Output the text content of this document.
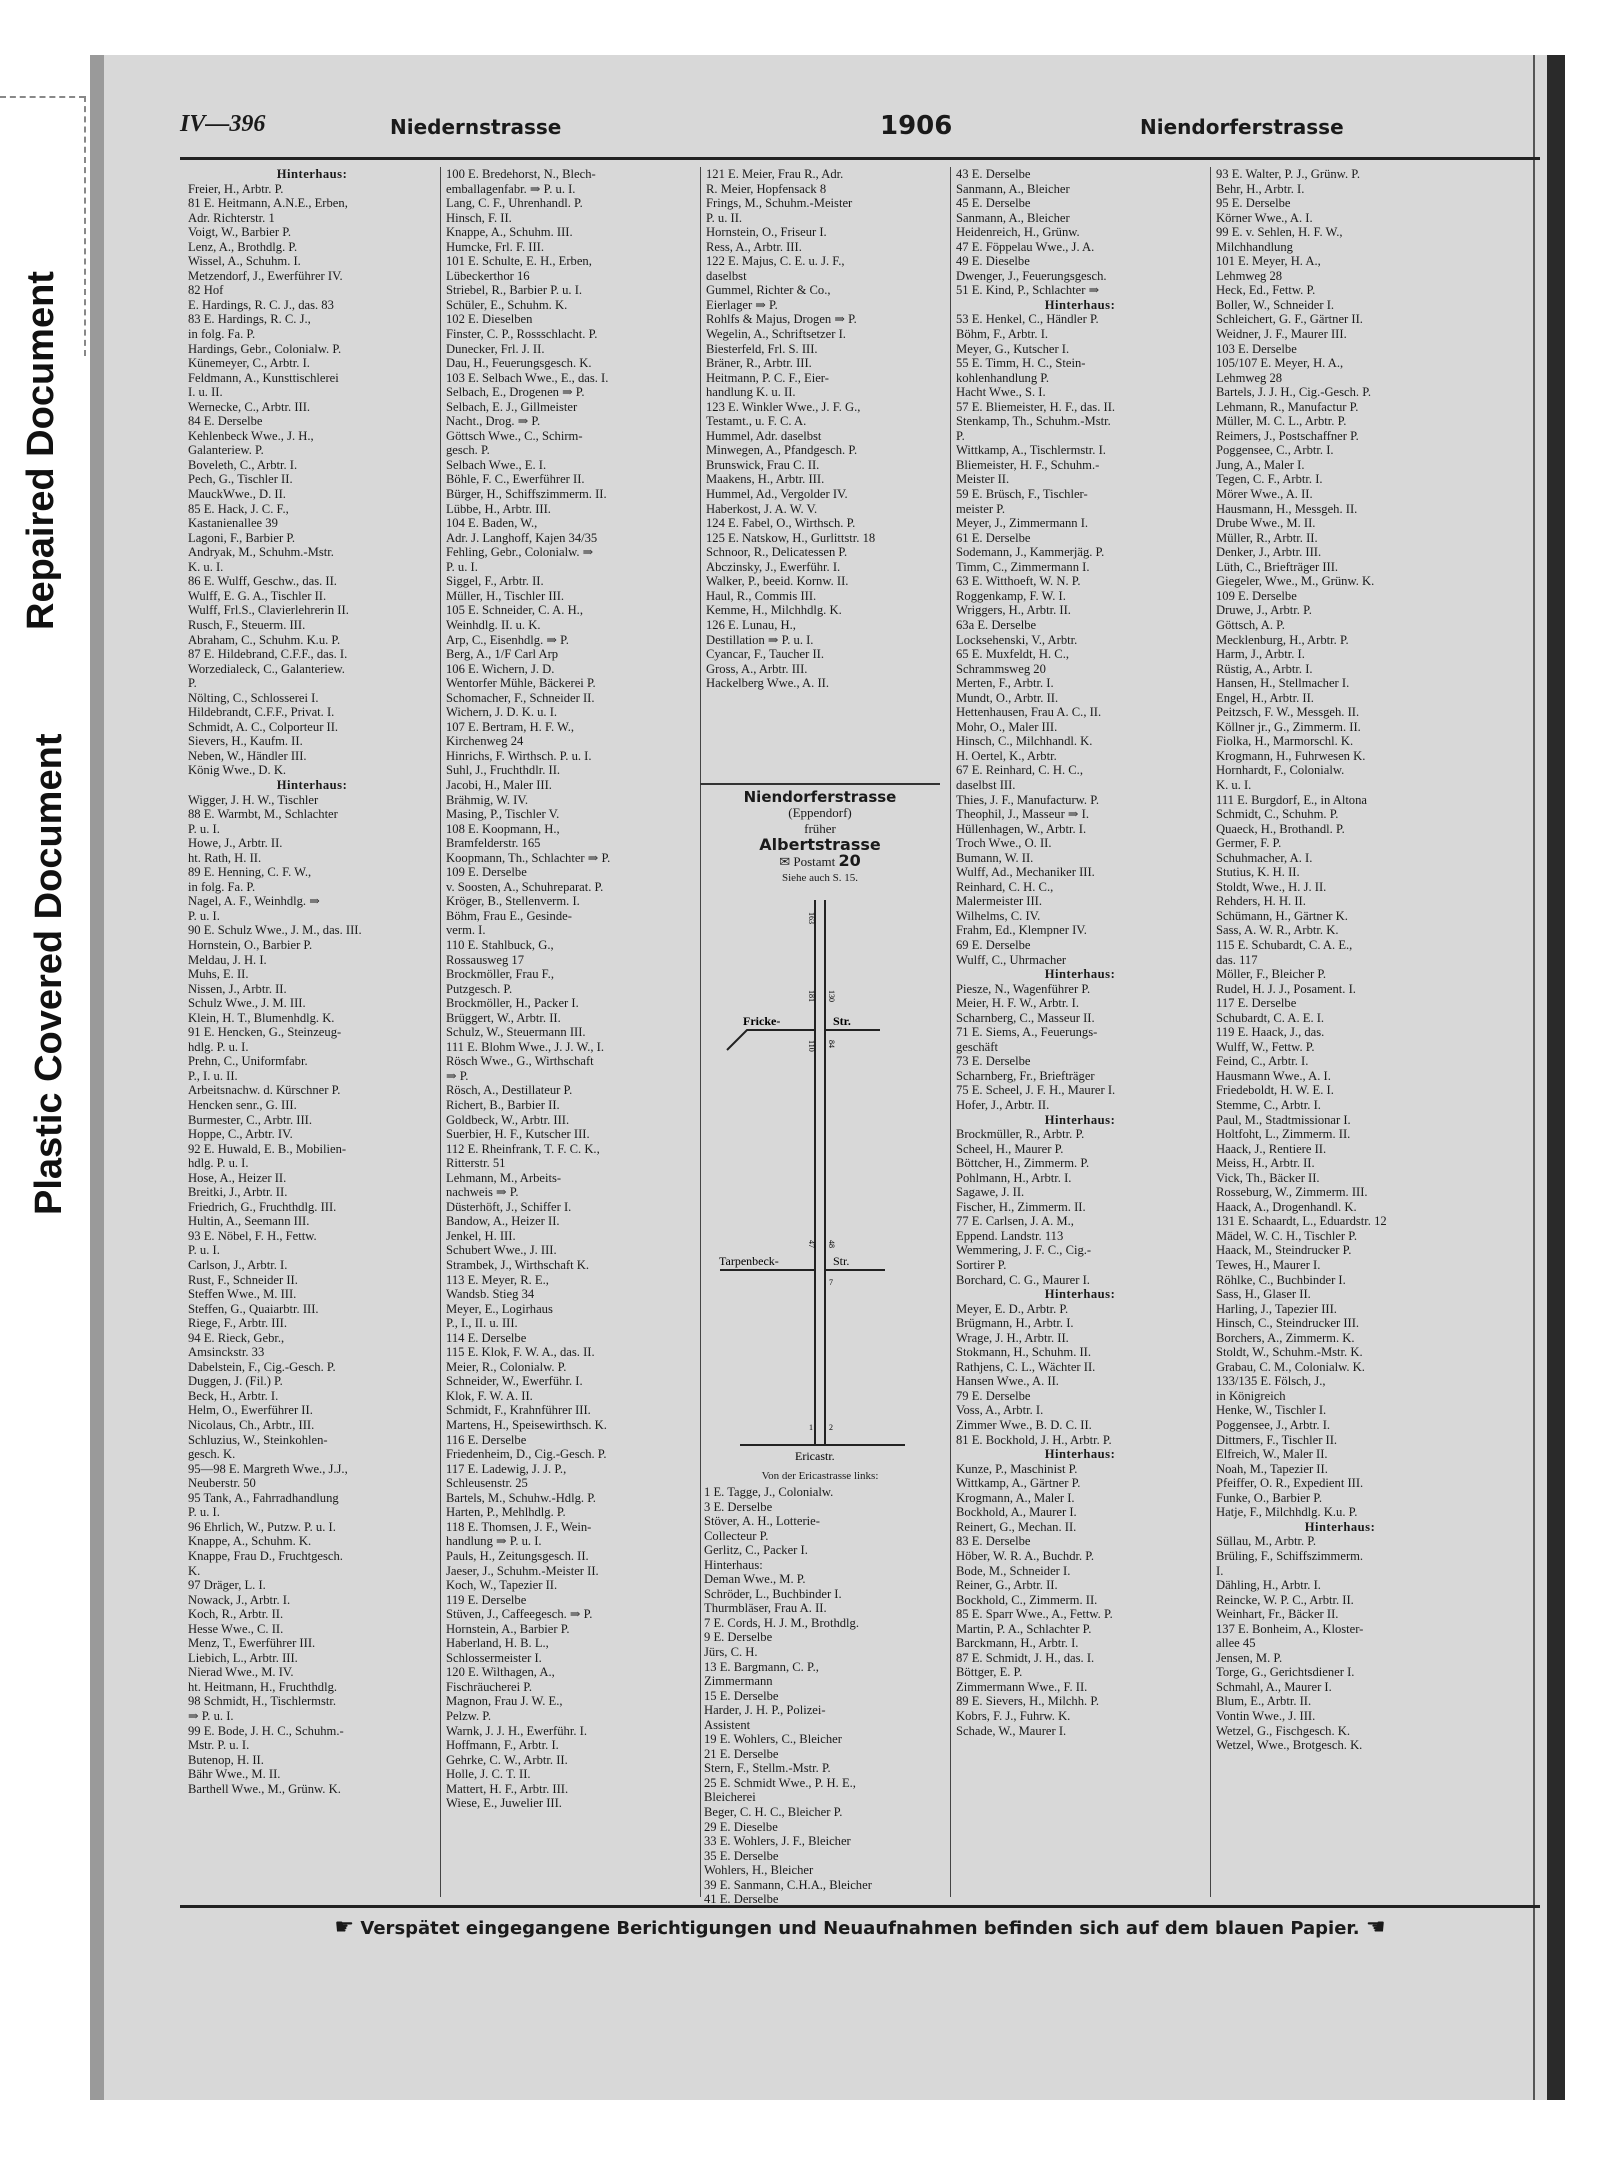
Repaired Document
Plastic Covered Document
IV—396	Niedernstrasse	1906	Niendorferstrasse
Hinterhaus:
Freier, H., Arbtr. P.
81 E. Heitmann, A.N.E., Erben,
Adr. Richterstr. 1
Voigt, W., Barbier P.
Lenz, A., Brothdlg. P.
Wissel, A., Schuhm. I.
Metzendorf, J., Ewerführer IV.
82 Hof
E. Hardings, R. C. J., das. 83
83 E. Hardings, R. C. J.,
in folg. Fa. P.
Hardings, Gebr., Colonialw. P.
Künemeyer, C., Arbtr. I.
Feldmann, A., Kunsttischlerei
I. u. II.
Wernecke, C., Arbtr. III.
84 E. Derselbe
Kehlenbeck Wwe., J. H.,
Galanteriew. P.
Boveleth, C., Arbtr. I.
Pech, G., Tischler II.
MauckWwe., D. II.
85 E. Hack, J. C. F.,
Kastanienallee 39
Lagoni, F., Barbier P.
Andryak, M., Schuhm.-Mstr.
K. u. I.
86 E. Wulff, Geschw., das. II.
Wulff, E. G. A., Tischler II.
Wulff, Frl.S., Clavierlehrerin II.
Rusch, F., Steuerm. III.
Abraham, C., Schuhm. K.u. P.
87 E. Hildebrand, C.F.F., das. I.
Worzedialeck, C., Galanteriew.
P.
Nölting, C., Schlosserei I.
Hildebrandt, C.F.F., Privat. I.
Schmidt, A. C., Colporteur II.
Sievers, H., Kaufm. II.
Neben, W., Händler III.
König Wwe., D. K.
Hinterhaus:
Wigger, J. H. W., Tischler
88 E. Warmbt, M., Schlachter
P. u. I.
Howe, J., Arbtr. II.
ht. Rath, H. II.
89 E. Henning, C. F. W.,
in folg. Fa. P.
Nagel, A. F., Weinhdlg. ⇒
P. u. I.
90 E. Schulz Wwe., J. M., das. III.
Hornstein, O., Barbier P.
Meldau, J. H. I.
Muhs, E. II.
Nissen, J., Arbtr. II.
Schulz Wwe., J. M. III.
Klein, H. T., Blumenhdlg. K.
91 E. Hencken, G., Steinzeug-
hdlg. P. u. I.
Prehn, C., Uniformfabr.
P., I. u. II.
Arbeitsnachw. d. Kürschner P.
Hencken senr., G. III.
Burmester, C., Arbtr. III.
Hoppe, C., Arbtr. IV.
92 E. Huwald, E. B., Mobilien-
hdlg. P. u. I.
Hose, A., Heizer II.
Breitki, J., Arbtr. II.
Friedrich, G., Fruchthdlg. III.
Hultin, A., Seemann III.
93 E. Nöbel, F. H., Fettw.
P. u. I.
Carlson, J., Arbtr. I.
Rust, F., Schneider II.
Steffen Wwe., M. III.
Steffen, G., Quaiarbtr. III.
Riege, F., Arbtr. III.
94 E. Rieck, Gebr.,
Amsinckstr. 33
Dabelstein, F., Cig.-Gesch. P.
Duggen, J. (Fil.) P.
Beck, H., Arbtr. I.
Helm, O., Ewerführer II.
Nicolaus, Ch., Arbtr., III.
Schluzius, W., Steinkohlen-
gesch. K.
95—98 E. Margreth Wwe., J.J.,
Neuberstr. 50
95 Tank, A., Fahrradhandlung
P. u. I.
96 Ehrlich, W., Putzw. P. u. I.
Knappe, A., Schuhm. K.
Knappe, Frau D., Fruchtgesch.
K.
97 Dräger, L. I.
Nowack, J., Arbtr. I.
Koch, R., Arbtr. II.
Hesse Wwe., C. II.
Menz, T., Ewerführer III.
Liebich, L., Arbtr. III.
Nierad Wwe., M. IV.
ht. Heitmann, H., Fruchthdlg.
98 Schmidt, H., Tischlermstr.
⇒ P. u. I.
99 E. Bode, J. H. C., Schuhm.-
Mstr. P. u. I.
Butenop, H. II.
Bähr Wwe., M. II.
Barthell Wwe., M., Grünw. K.
100 E. Bredehorst, N., Blech-
emballagenfabr. ⇒ P. u. I.
Lang, C. F., Uhrenhandl. P.
Hinsch, F. II.
Knappe, A., Schuhm. III.
Humcke, Frl. F. III.
101 E. Schulte, E. H., Erben,
Lübeckerthor 16
Striebel, R., Barbier P. u. I.
Schüler, E., Schuhm. K.
102 E. Dieselben
Finster, C. P., Rossschlacht. P.
Dunecker, Frl. J. II.
Dau, H., Feuerungsgesch. K.
103 E. Selbach Wwe., E., das. I.
Selbach, E., Drogenen ⇒ P.
Selbach, E. J., Gillmeister
Nacht., Drog. ⇒ P.
Göttsch Wwe., C., Schirm-
gesch. P.
Selbach Wwe., E. I.
Böhle, F. C., Ewerführer II.
Bürger, H., Schiffszimmerm. II.
Lübbe, H., Arbtr. III.
104 E. Baden, W.,
Adr. J. Langhoff, Kajen 34/35
Fehling, Gebr., Colonialw. ⇒
P. u. I.
Siggel, F., Arbtr. II.
Müller, H., Tischler III.
105 E. Schneider, C. A. H.,
Weinhdlg. II. u. K.
Arp, C., Eisenhdlg. ⇒ P.
Berg, A., 1/F Carl Arp
106 E. Wichern, J. D.
Wentorfer Mühle, Bäckerei P.
Schomacher, F., Schneider II.
Wichern, J. D. K. u. I.
107 E. Bertram, H. F. W.,
Kirchenweg 24
Hinrichs, F. Wirthsch. P. u. I.
Suhl, J., Fruchthdlr. II.
Jacobi, H., Maler III.
Brähmig, W. IV.
Masing, P., Tischler V.
108 E. Koopmann, H.,
Bramfelderstr. 165
Koopmann, Th., Schlachter ⇒ P.
109 E. Derselbe
v. Soosten, A., Schuhreparat. P.
Kröger, B., Stellenverm. I.
Böhm, Frau E., Gesinde-
verm. I.
110 E. Stahlbuck, G.,
Rossausweg 17
Brockmöller, Frau F.,
Putzgesch. P.
Brockmöller, H., Packer I.
Brüggert, W., Arbtr. II.
Schulz, W., Steuermann III.
111 E. Blohm Wwe., J. J. W., I.
Rösch Wwe., G., Wirthschaft
⇒ P.
Rösch, A., Destillateur P.
Richert, B., Barbier II.
Goldbeck, W., Arbtr. III.
Suerbier, H. F., Kutscher III.
112 E. Rheinfrank, T. F. C. K.,
Ritterstr. 51
Lehmann, M., Arbeits-
nachweis ⇒ P.
Düsterhöft, J., Schiffer I.
Bandow, A., Heizer II.
Jenkel, H. III.
Schubert Wwe., J. III.
Strambek, J., Wirthschaft K.
113 E. Meyer, R. E.,
Wandsb. Stieg 34
Meyer, E., Logirhaus
P., I., II. u. III.
114 E. Derselbe
115 E. Klok, F. W. A., das. II.
Meier, R., Colonialw. P.
Schneider, W., Ewerführ. I.
Klok, F. W. A. II.
Schmidt, F., Krahnführer III.
Martens, H., Speisewirthsch. K.
116 E. Derselbe
Friedenheim, D., Cig.-Gesch. P.
117 E. Ladewig, J. J. P.,
Schleusenstr. 25
Bartels, M., Schuhw.-Hdlg. P.
Harten, P., Mehlhdlg. P.
118 E. Thomsen, J. F., Wein-
handlung ⇒ P. u. I.
Pauls, H., Zeitungsgesch. II.
Jaeser, J., Schuhm.-Meister II.
Koch, W., Tapezier II.
119 E. Derselbe
Stüven, J., Caffeegesch. ⇒ P.
Hornstein, A., Barbier P.
Haberland, H. B. L.,
Schlossermeister I.
120 E. Wilthagen, A.,
Fischräucherei P.
Magnon, Frau J. W. E.,
Pelzw. P.
Warnk, J. J. H., Ewerführ. I.
Hoffmann, F., Arbtr. I.
Gehrke, C. W., Arbtr. II.
Holle, J. C. T. II.
Mattert, H. F., Arbtr. III.
Wiese, E., Juwelier III.
121 E. Meier, Frau R., Adr.
R. Meier, Hopfensack 8
Frings, M., Schuhm.-Meister
P. u. II.
Hornstein, O., Friseur I.
Ress, A., Arbtr. III.
122 E. Majus, C. E. u. J. F.,
daselbst
Gummel, Richter & Co.,
Eierlager ⇒ P.
Rohlfs & Majus, Drogen ⇒ P.
Wegelin, A., Schriftsetzer I.
Biesterfeld, Frl. S. III.
Bräner, R., Arbtr. III.
Heitmann, P. C. F., Eier-
handlung K. u. II.
123 E. Winkler Wwe., J. F. G.,
Testamt., u. F. C. A.
Hummel, Adr. daselbst
Minwegen, A., Pfandgesch. P.
Brunswick, Frau C. II.
Maakens, H., Arbtr. III.
Hummel, Ad., Vergolder IV.
Haberkost, J. A. W. V.
124 E. Fabel, O., Wirthsch. P.
125 E. Natskow, H., Gurlittstr. 18
Schnoor, R., Delicatessen P.
Abczinsky, J., Ewerführ. I.
Walker, P., beeid. Kornw. II.
Haul, R., Commis III.
Kemme, H., Milchhdlg. K.
126 E. Lunau, H.,
Destillation ⇒ P. u. I.
Cyancar, F., Taucher II.
Gross, A., Arbtr. III.
Hackelberg Wwe., A. II.
Niendorferstrasse
(Eppendorf)
früher
Albertstrasse
✉ Postamt 20
Siehe auch S. 15.
Fricke-	Str.
Tarpenbeck-	Str.
Ericastr.
163
181
110
130
84
47 48
1 2
7
Von der Ericastrasse links:
1 E. Tagge, J., Colonialw.
3 E. Derselbe
Stöver, A. H., Lotterie-
Collecteur P.
Gerlitz, C., Packer I.
Hinterhaus:
Deman Wwe., M. P.
Schröder, L., Buchbinder I.
Thurmbläser, Frau A. II.
7 E. Cords, H. J. M., Brothdlg.
9 E. Derselbe
Jürs, C. H.
13 E. Bargmann, C. P.,
Zimmermann
15 E. Derselbe
Harder, J. H. P., Polizei-
Assistent
19 E. Wohlers, C., Bleicher
21 E. Derselbe
Stern, F., Stellm.-Mstr. P.
25 E. Schmidt Wwe., P. H. E.,
Bleicherei
Beger, C. H. C., Bleicher P.
29 E. Dieselbe
33 E. Wohlers, J. F., Bleicher
35 E. Derselbe
Wohlers, H., Bleicher
39 E. Sanmann, C.H.A., Bleicher
41 E. Derselbe
43 E. Derselbe
Sanmann, A., Bleicher
45 E. Derselbe
Sanmann, A., Bleicher
Heidenreich, H., Grünw.
47 E. Föppelau Wwe., J. A.
49 E. Dieselbe
Dwenger, J., Feuerungsgesch.
51 E. Kind, P., Schlachter ⇒
Hinterhaus:
53 E. Henkel, C., Händler P.
Böhm, F., Arbtr. I.
Meyer, G., Kutscher I.
55 E. Timm, H. C., Stein-
kohlenhandlung P.
Hacht Wwe., S. I.
57 E. Bliemeister, H. F., das. II.
Stenkamp, Th., Schuhm.-Mstr.
P.
Wittkamp, A., Tischlermstr. I.
Bliemeister, H. F., Schuhm.-
Meister II.
59 E. Brüsch, F., Tischler-
meister P.
Meyer, J., Zimmermann I.
61 E. Derselbe
Sodemann, J., Kammerjäg. P.
Timm, C., Zimmermann I.
63 E. Witthoeft, W. N. P.
Roggenkamp, F. W. I.
Wriggers, H., Arbtr. II.
63a E. Derselbe
Locksehenski, V., Arbtr.
65 E. Muxfeldt, H. C.,
Schrammsweg 20
Merten, F., Arbtr. I.
Mundt, O., Arbtr. II.
Hettenhausen, Frau A. C., II.
Mohr, O., Maler III.
Hinsch, C., Milchhandl. K.
H. Oertel, K., Arbtr.
67 E. Reinhard, C. H. C.,
daselbst III.
Thies, J. F., Manufacturw. P.
Theophil, J., Masseur ⇒ I.
Hüllenhagen, W., Arbtr. I.
Troch Wwe., O. II.
Bumann, W. II.
Wulff, Ad., Mechaniker III.
Reinhard, C. H. C.,
Malermeister III.
Wilhelms, C. IV.
Frahm, Ed., Klempner IV.
69 E. Derselbe
Wulff, C., Uhrmacher
Hinterhaus:
Piesze, N., Wagenführer P.
Meier, H. F. W., Arbtr. I.
Scharnberg, C., Masseur II.
71 E. Siems, A., Feuerungs-
geschäft
73 E. Derselbe
Scharnberg, Fr., Briefträger
75 E. Scheel, J. F. H., Maurer I.
Hofer, J., Arbtr. II.
Hinterhaus:
Brockmüller, R., Arbtr. P.
Scheel, H., Maurer P.
Böttcher, H., Zimmerm. P.
Pohlmann, H., Arbtr. I.
Sagawe, J. II.
Fischer, H., Zimmerm. II.
77 E. Carlsen, J. A. M.,
Eppend. Landstr. 113
Wemmering, J. F. C., Cig.-
Sortirer P.
Borchard, C. G., Maurer I.
Hinterhaus:
Meyer, E. D., Arbtr. P.
Brügmann, H., Arbtr. I.
Wrage, J. H., Arbtr. II.
Stokmann, H., Schuhm. II.
Rathjens, C. L., Wächter II.
Hansen Wwe., A. II.
79 E. Derselbe
Voss, A., Arbtr. I.
Zimmer Wwe., B. D. C. II.
81 E. Bockhold, J. H., Arbtr. P.
Hinterhaus:
Kunze, P., Maschinist P.
Wittkamp, A., Gärtner P.
Krogmann, A., Maler I.
Bockhold, A., Maurer I.
Reinert, G., Mechan. II.
83 E. Derselbe
Höber, W. R. A., Buchdr. P.
Bode, M., Schneider I.
Reiner, G., Arbtr. II.
Bockhold, C., Zimmerm. II.
85 E. Sparr Wwe., A., Fettw. P.
Martin, P. A., Schlachter P.
Barckmann, H., Arbtr. I.
87 E. Schmidt, J. H., das. I.
Böttger, E. P.
Zimmermann Wwe., F. II.
89 E. Sievers, H., Milchh. P.
Kobrs, F. J., Fuhrw. K.
Schade, W., Maurer I.
93 E. Walter, P. J., Grünw. P.
Behr, H., Arbtr. I.
95 E. Derselbe
Körner Wwe., A. I.
99 E. v. Sehlen, H. F. W.,
Milchhandlung
101 E. Meyer, H. A.,
Lehmweg 28
Heck, Ed., Fettw. P.
Boller, W., Schneider I.
Schleichert, G. F., Gärtner II.
Weidner, J. F., Maurer III.
103 E. Derselbe
105/107 E. Meyer, H. A.,
Lehmweg 28
Bartels, J. J. H., Cig.-Gesch. P.
Lehmann, R., Manufactur P.
Müller, M. C. L., Arbtr. P.
Reimers, J., Postschaffner P.
Poggensee, C., Arbtr. I.
Jung, A., Maler I.
Tegen, C. F., Arbtr. I.
Mörer Wwe., A. II.
Hausmann, H., Messgeh. II.
Drube Wwe., M. II.
Müller, R., Arbtr. II.
Denker, J., Arbtr. III.
Lüth, C., Briefträger III.
Giegeler, Wwe., M., Grünw. K.
109 E. Derselbe
Druwe, J., Arbtr. P.
Göttsch, A. P.
Mecklenburg, H., Arbtr. P.
Harm, J., Arbtr. I.
Rüstig, A., Arbtr. I.
Hansen, H., Stellmacher I.
Engel, H., Arbtr. II.
Peitzsch, F. W., Messgeh. II.
Köllner jr., G., Zimmerm. II.
Fiolka, H., Marmorschl. K.
Krogmann, H., Fuhrwesen K.
Hornhardt, F., Colonialw.
K. u. I.
111 E. Burgdorf, E., in Altona
Schmidt, C., Schuhm. P.
Quaeck, H., Brothandl. P.
Germer, F. P.
Schuhmacher, A. I.
Stutius, K. H. II.
Stoldt, Wwe., H. J. II.
Rehders, H. H. II.
Schümann, H., Gärtner K.
Sass, A. W. R., Arbtr. K.
115 E. Schubardt, C. A. E.,
das. 117
Möller, F., Bleicher P.
Rudel, H. J. J., Posament. I.
117 E. Derselbe
Schubardt, C. A. E. I.
119 E. Haack, J., das.
Wulff, W., Fettw. P.
Feind, C., Arbtr. I.
Hausmann Wwe., A. I.
Friedeboldt, H. W. E. I.
Stemme, C., Arbtr. I.
Paul, M., Stadtmissionar I.
Holtfoht, L., Zimmerm. II.
Haack, J., Rentiere II.
Meiss, H., Arbtr. II.
Vick, Th., Bäcker II.
Rosseburg, W., Zimmerm. III.
Haack, A., Drogenhandl. K.
131 E. Schaardt, L., Eduardstr. 12
Mädel, W. C. H., Tischler P.
Haack, M., Steindrucker P.
Tewes, H., Maurer I.
Röhlke, C., Buchbinder I.
Sass, H., Glaser II.
Harling, J., Tapezier III.
Hinsch, C., Steindrucker III.
Borchers, A., Zimmerm. K.
Stoldt, W., Schuhm.-Mstr. K.
Grabau, C. M., Colonialw. K.
133/135 E. Fölsch, J.,
in Königreich
Henke, W., Tischler I.
Poggensee, J., Arbtr. I.
Dittmers, F., Tischler II.
Elfreich, W., Maler II.
Noah, M., Tapezier II.
Pfeiffer, O. R., Expedient III.
Funke, O., Barbier P.
Hatje, F., Milchhdlg. K.u. P.
Hinterhaus:
Süllau, M., Arbtr. P.
Brüling, F., Schiffszimmerm.
I.
Dähling, H., Arbtr. I.
Reincke, W. P. C., Arbtr. II.
Weinhart, Fr., Bäcker II.
137 E. Bonheim, A., Kloster-
allee 45
Jensen, M. P.
Torge, G., Gerichtsdiener I.
Schmahl, A., Maurer I.
Blum, E., Arbtr. II.
Vontin Wwe., J. III.
Wetzel, G., Fischgesch. K.
Wetzel, Wwe., Brotgesch. K.
☛ Verspätet eingegangene Berichtigungen und Neuaufnahmen befinden sich auf dem blauen Papier. ☚
